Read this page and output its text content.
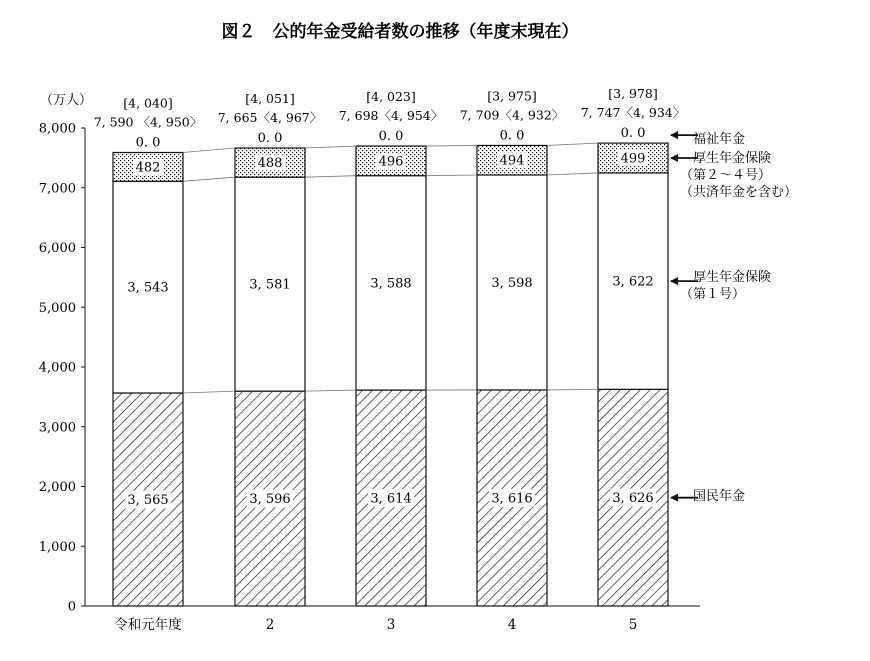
図２　公的年金受給者数の推移（年度末現在）
（万人）
0
1,000
2,000
3,000
4,000
5,000
6,000
7,000
8,000
3, 565
3, 543
482
0. 0
3, 596
3, 581
488
0. 0
3, 614
3, 588
496
0. 0
3, 616
3, 598
494
0. 0
3, 626
3, 622
499
0. 0
[4, 040]
7, 590 〈4, 950〉
[4, 051]
7, 665〈4, 967〉
[4, 023]
7, 698〈4, 954〉
[3, 975]
7, 709〈4, 932〉
[3, 978]
7, 747〈4, 934〉
令和元年度	2	3	4	5
福祉年金
厚生年金保険
（第２～４号）
（共済年金を含む）
厚生年金保険
（第１号）
国民年金
